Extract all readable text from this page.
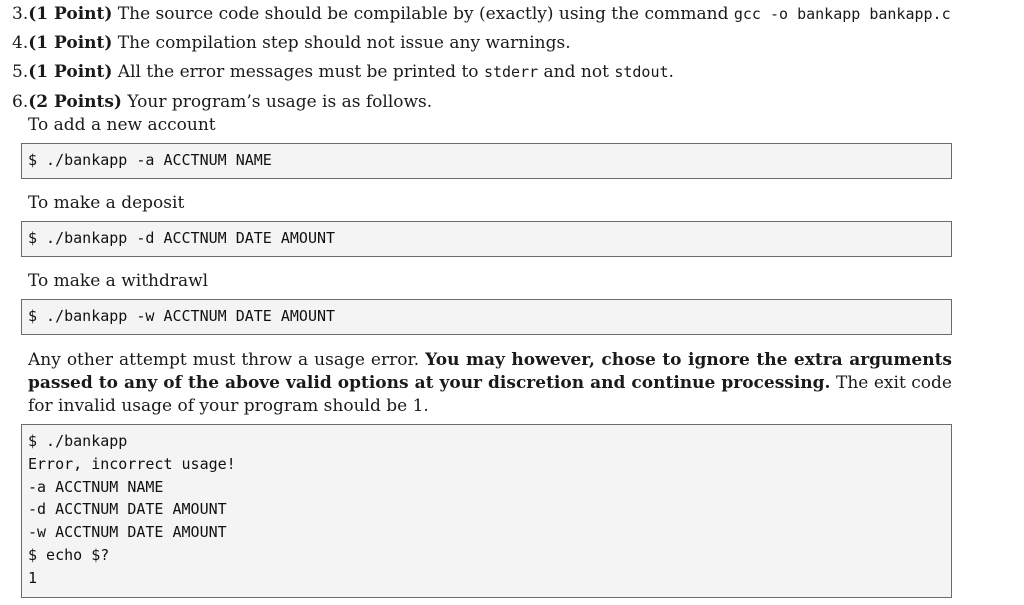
3.(1 Point) The source code should be compilable by (exactly) using the command gcc -o bankapp bankapp.c
4.(1 Point) The compilation step should not issue any warnings.
5.(1 Point) All the error messages must be printed to stderr and not stdout.
6.(2 Points) Your program’s usage is as follows.
To add a new account
$ ./bankapp -a ACCTNUM NAME
To make a deposit
$ ./bankapp -d ACCTNUM DATE AMOUNT
To make a withdrawl
$ ./bankapp -w ACCTNUM DATE AMOUNT
Any other attempt must throw a usage error. You may however, chose to ignore the extra arguments passed to any of the above valid options at your discretion and continue processing. The exit code for invalid usage of your program should be 1.
$ ./bankapp
Error, incorrect usage!
-a ACCTNUM NAME
-d ACCTNUM DATE AMOUNT
-w ACCTNUM DATE AMOUNT
$ echo $?
1
